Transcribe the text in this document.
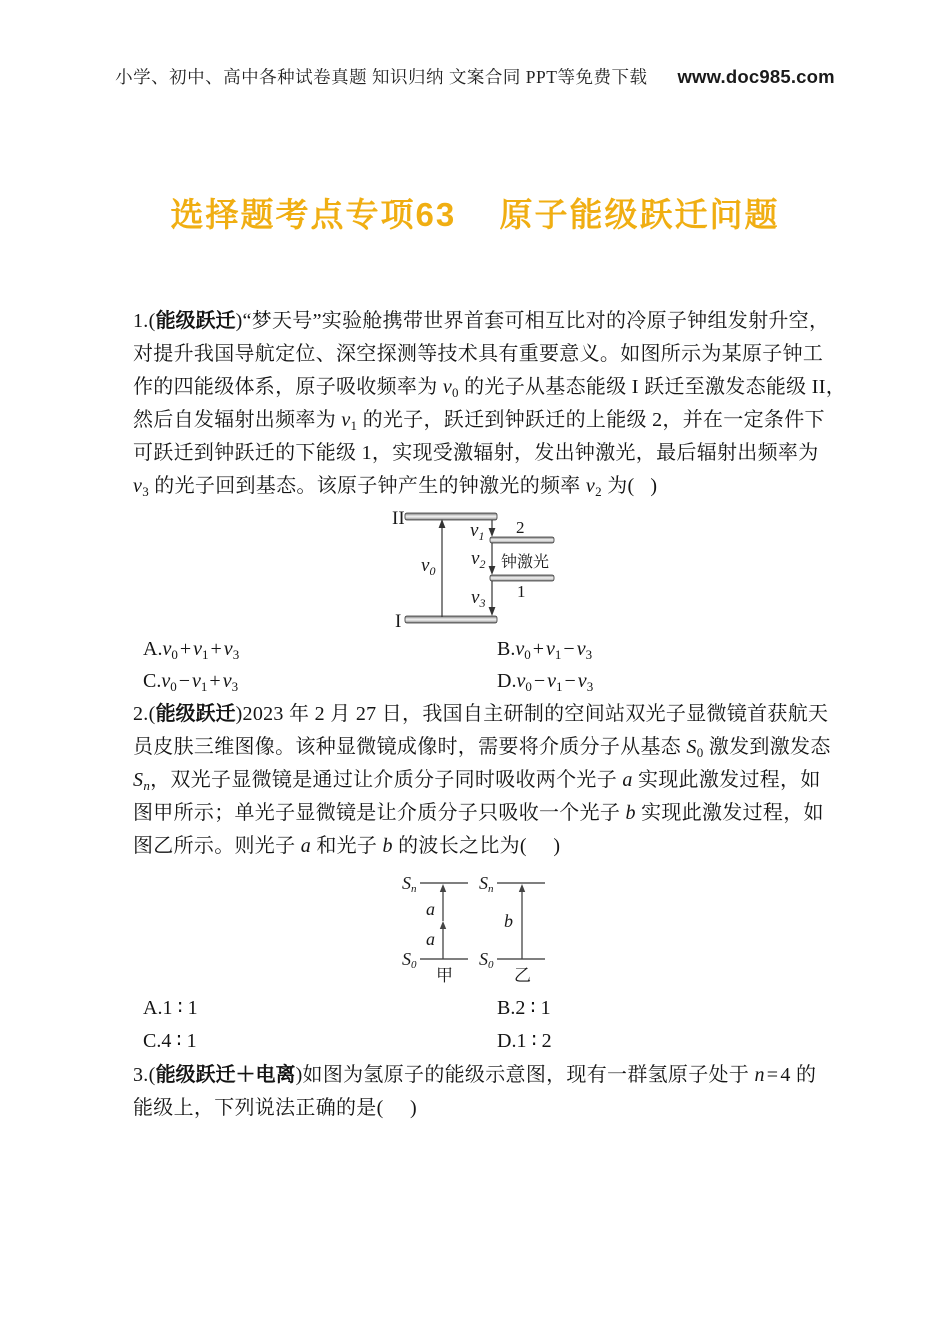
小学、初中、高中各种试卷真题 知识归纳 文案合同 PPT等免费下载 www.doc985.com
选择题考点专项63 原子能级跃迁问题
1.(能级跃迁)“梦天号”实验舱携带世界首套可相互比对的冷原子钟组发射升空，
对提升我国导航定位、深空探测等技术具有重要意义。如图所示为某原子钟工
作的四能级体系，原子吸收频率为 $v_0$ 的光子从基态能级 I 跃迁至激发态能级 II，
然后自发辐射出频率为 $v_1$ 的光子，跃迁到钟跃迁的上能级 2，并在一定条件下
可跃迁到钟跃迁的下能级 1，实现受激辐射，发出钟激光，最后辐射出频率为
$v_3$ 的光子回到基态。该原子钟产生的钟激光的频率 $v_2$ 为(   )
II
I
2
1
$v_0$
$v_1$
$v_2$
$v_3$
钟激光
$A.v_0 + v_1 + v_3$	$B.v_0 + v_1 - v_3$
$C.v_0 - v_1 + v_3$	$D.v_0 - v_1 - v_3$
2.(能级跃迁)2023 年 2 月 27 日，我国自主研制的空间站双光子显微镜首获航天
员皮肤三维图像。该种显微镜成像时，需要将介质分子从基态 $S_0$ 激发到激发态
$S_n$，双光子显微镜是通过让介质分子同时吸收两个光子 a 实现此激发过程，如
图甲所示；单光子显微镜是让介质分子只吸收一个光子 b 实现此激发过程，如
图乙所示。则光子 a 和光子 b 的波长之比为(     )
Sn	Sn
S0	S0
a
a
b
甲	乙
A.1 ∶ 1	B.2 ∶ 1
C.4 ∶ 1	D.1 ∶ 2
3.(能级跃迁＋电离)如图为氢原子的能级示意图，现有一群氢原子处于 n = 4 的
能级上，下列说法正确的是(     )
